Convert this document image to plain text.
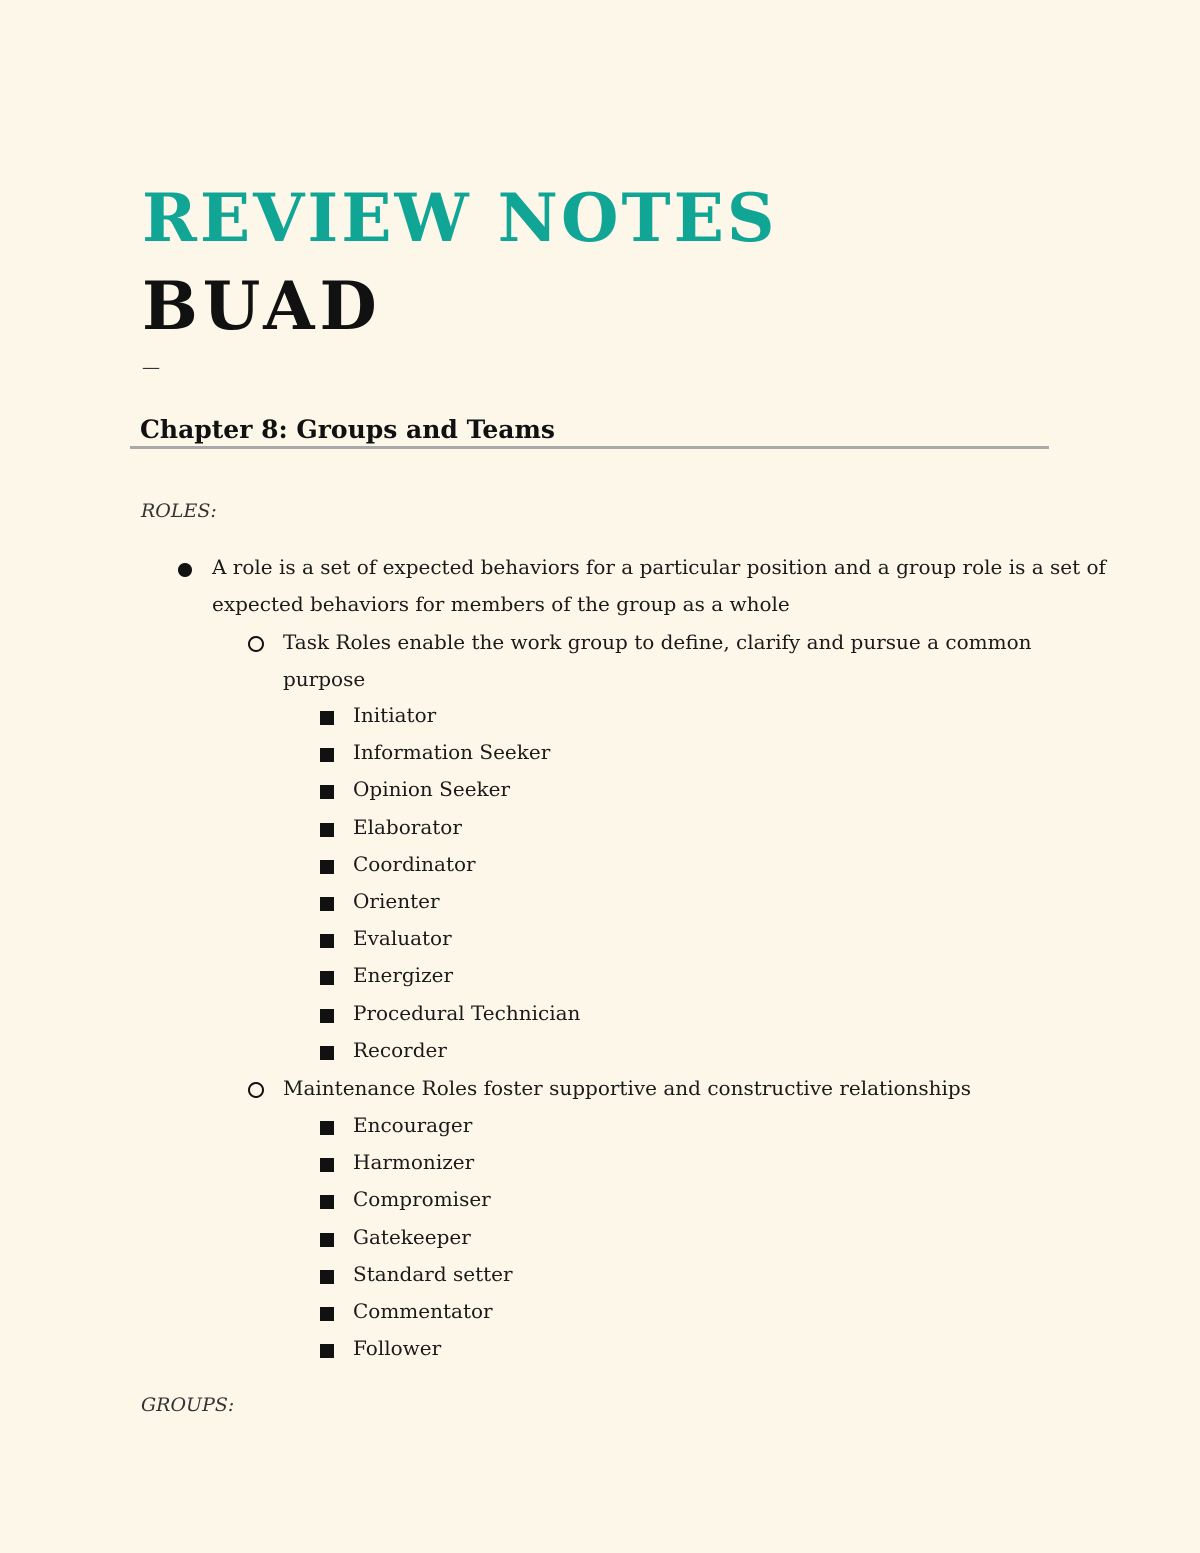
REVIEW NOTES
BUAD
—
Chapter 8: Groups and Teams
ROLES:
A role is a set of expected behaviors for a particular position and a group role is a set of
expected behaviors for members of the group as a whole
Task Roles enable the work group to define, clarify and pursue a common
purpose
Initiator
Information Seeker
Opinion Seeker
Elaborator
Coordinator
Orienter
Evaluator
Energizer
Procedural Technician
Recorder
Maintenance Roles foster supportive and constructive relationships
Encourager
Harmonizer
Compromiser
Gatekeeper
Standard setter
Commentator
Follower
GROUPS:
